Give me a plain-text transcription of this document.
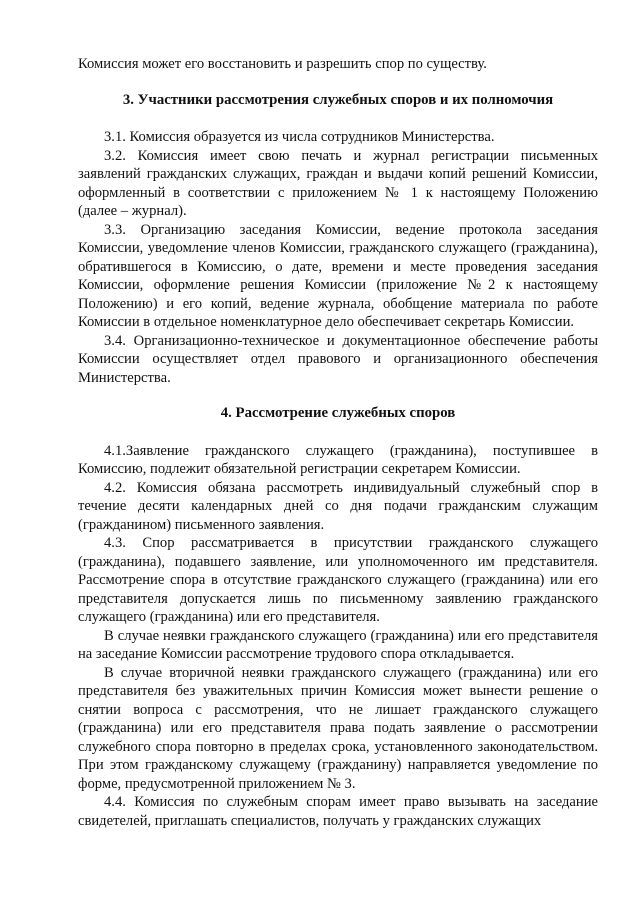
Комиссия может его восстановить и разрешить спор по существу.

3. Участники рассмотрения служебных споров и их полномочия

3.1. Комиссия образуется из числа сотрудников Министерства.

3.2. Комиссия имеет свою печать и журнал регистрации письменных заявлений гражданских служащих, граждан и выдачи копий решений Комиссии, оформленный в соответствии с приложением № 1 к настоящему Положению (далее – журнал).

3.3. Организацию заседания Комиссии, ведение протокола заседания Комиссии, уведомление членов Комиссии, гражданского служащего (гражданина), обратившегося в Комиссию, о дате, времени и месте проведения заседания Комиссии, оформление решения Комиссии (приложение №2 к настоящему Положению) и его копий, ведение журнала, обобщение материала по работе Комиссии в отдельное номенклатурное дело обеспечивает секретарь Комиссии.

3.4. Организационно-техническое и документационное обеспечение работы Комиссии осуществляет отдел правового и организационного обеспечения Министерства.

4. Рассмотрение служебных споров

4.1.Заявление гражданского служащего (гражданина), поступившее в Комиссию, подлежит обязательной регистрации секретарем Комиссии.

4.2. Комиссия обязана рассмотреть индивидуальный служебный спор в течение десяти календарных дней со дня подачи гражданским служащим (гражданином) письменного заявления.

4.3. Спор рассматривается в присутствии гражданского служащего (гражданина), подавшего заявление, или уполномоченного им представителя. Рассмотрение спора в отсутствие гражданского служащего (гражданина) или его представителя допускается лишь по письменному заявлению гражданского служащего (гражданина) или его представителя.

В случае неявки гражданского служащего (гражданина) или его представителя на заседание Комиссии рассмотрение трудового спора откладывается.

В случае вторичной неявки гражданского служащего (гражданина) или его представителя без уважительных причин Комиссия может вынести решение о снятии вопроса с рассмотрения, что не лишает гражданского служащего (гражданина) или его представителя права подать заявление о рассмотрении служебного спора повторно в пределах срока, установленного законодательством. При этом гражданскому служащему (гражданину) направляется уведомление по форме, предусмотренной приложением № 3.

4.4. Комиссия по служебным спорам имеет право вызывать на заседание свидетелей, приглашать специалистов, получать у гражданских служащих
